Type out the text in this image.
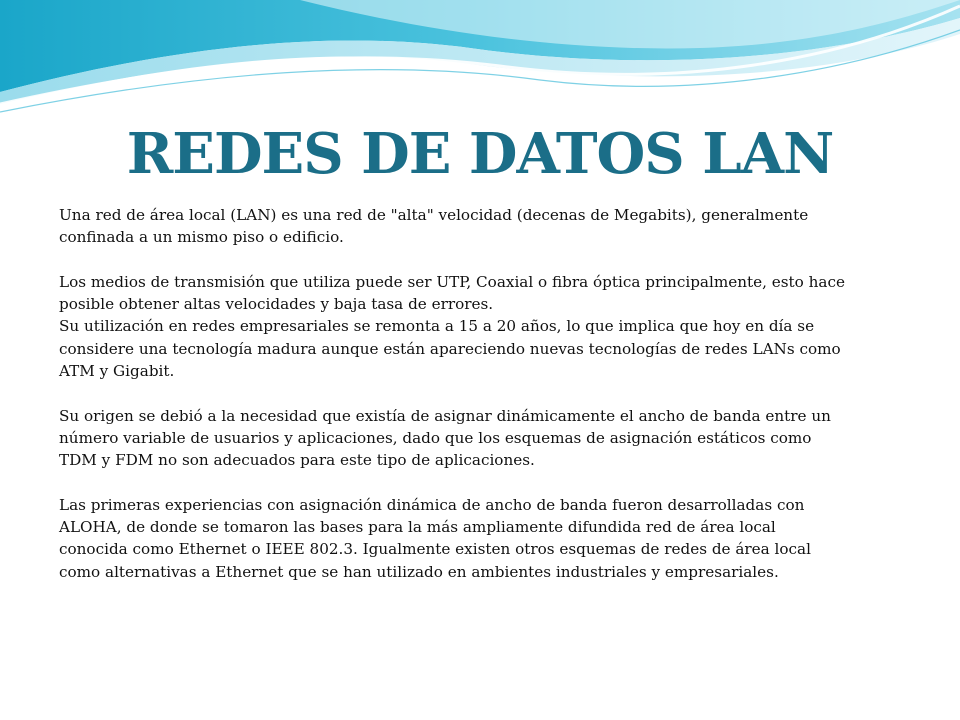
REDES DE DATOS LAN

Una red de área local (LAN) es una red de "alta" velocidad (decenas de Megabits), generalmente confinada a un mismo piso o edificio.

Los medios de transmisión que utiliza puede ser UTP, Coaxial o fibra óptica principalmente, esto hace posible obtener altas velocidades y baja tasa de errores.

Su utilización en redes empresariales se remonta a 15 a 20 años, lo que implica que hoy en día se considere una tecnología madura aunque están apareciendo nuevas tecnologías de redes LANs como ATM y Gigabit.

Su origen se debió a la necesidad que existía de asignar dinámicamente el ancho de banda entre un número variable de usuarios y aplicaciones, dado que los esquemas de asignación estáticos como TDM y FDM no son adecuados para este tipo de aplicaciones.

Las primeras experiencias con asignación dinámica de ancho de banda fueron desarrolladas con ALOHA, de donde se tomaron las bases para la más ampliamente difundida red de área local conocida como Ethernet o IEEE 802.3. Igualmente existen otros esquemas de redes de área local como alternativas a Ethernet que se han utilizado en ambientes industriales y empresariales.
